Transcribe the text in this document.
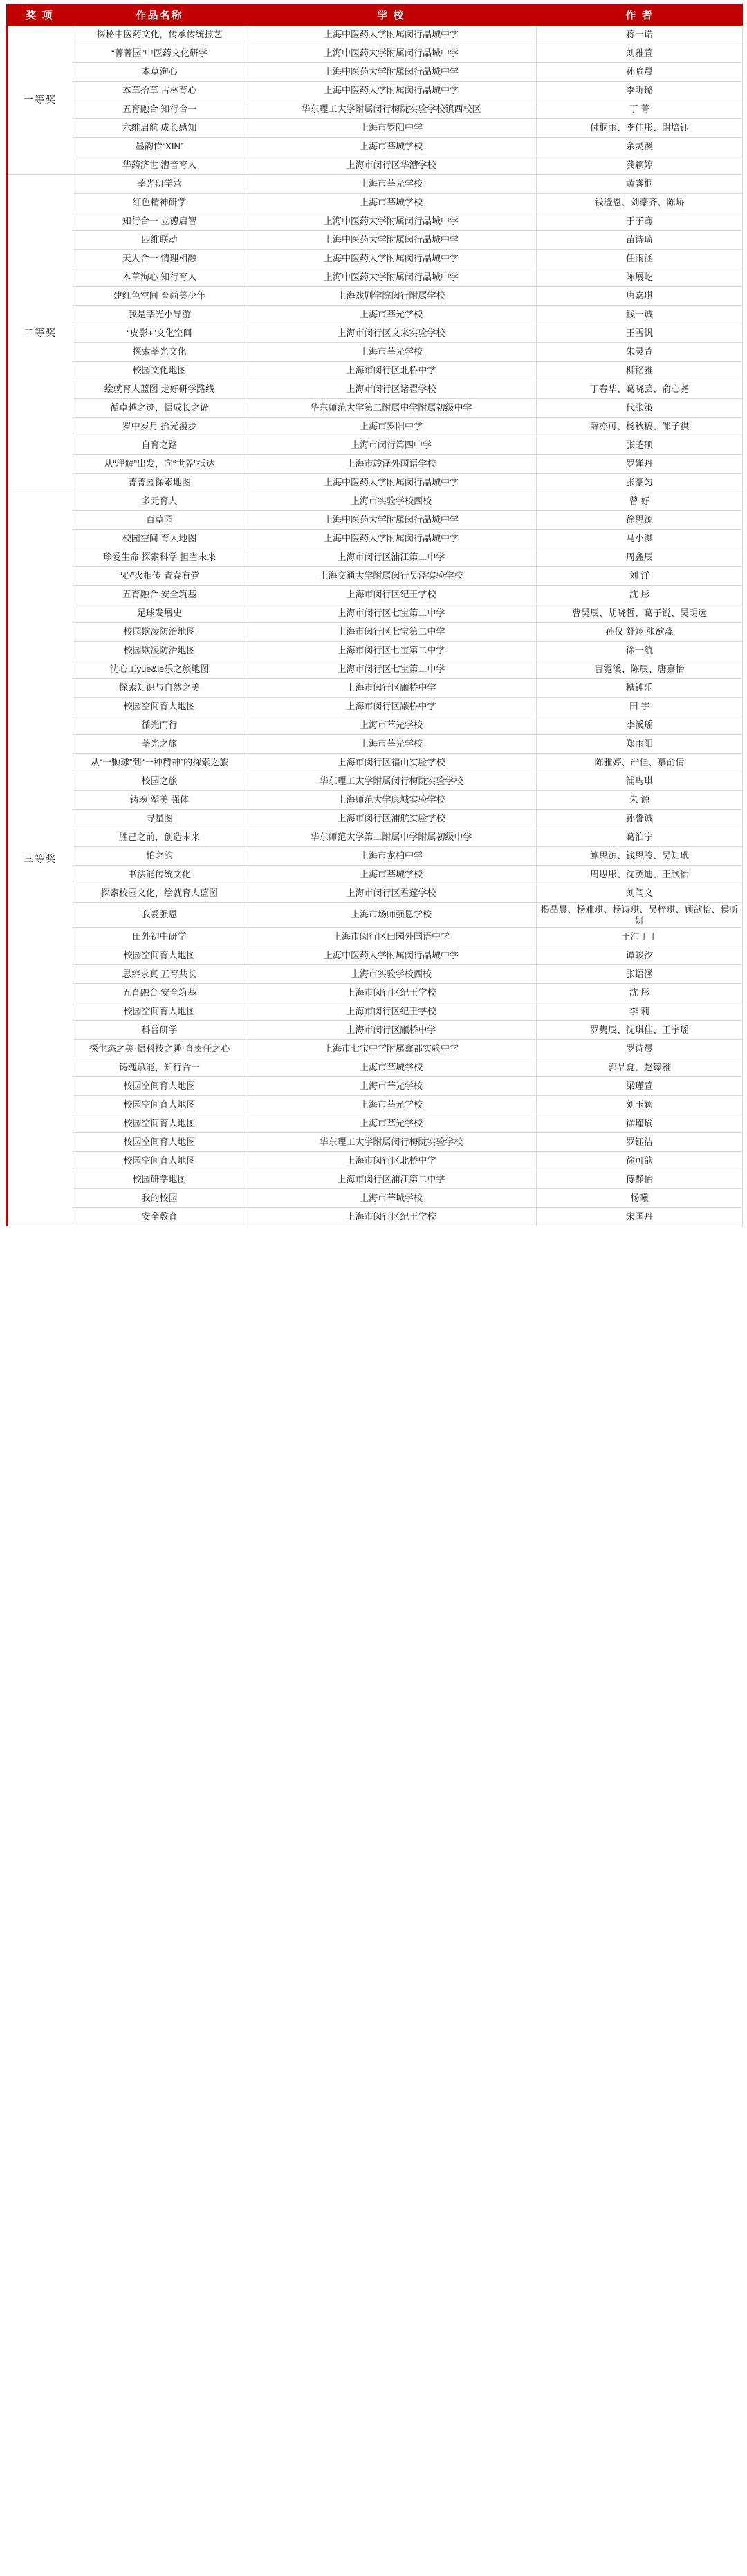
奖 项	作品名称	学 校	作 者
一等奖	探秘中医药文化，传承传统技艺	上海中医药大学附属闵行晶城中学	蒋一诺
	“菁菁园”中医药文化研学	上海中医药大学附属闵行晶城中学	刘雅萱
	本草洵心	上海中医药大学附属闵行晶城中学	孙喻晨
	本草拾草 古林育心	上海中医药大学附属闵行晶城中学	李昕璐
	五育融合 知行合一	华东理工大学附属闵行梅陇实验学校镇西校区	丁 菁
	六维启航 成长感知	上海市罗阳中学	付桐雨、李佳彤、尉培钰
	墨韵传“XIN”	上海市莘城学校	余灵溪
	华药济世 漕音育人	上海市闵行区华漕学校	龚颖婷
二等奖	莘光研学营	上海市莘光学校	黄睿桐
	红色精神研学	上海市莘城学校	钱澄恩、刘豪齐、陈峤
	知行合一 立德启智	上海中医药大学附属闵行晶城中学	于子骞
	四维联动	上海中医药大学附属闵行晶城中学	苗诗琦
	天人合一 情理相融	上海中医药大学附属闵行晶城中学	任雨涵
	本草洵心 知行育人	上海中医药大学附属闵行晶城中学	陈展屹
	建红色空间 育尚美少年	上海戏剧学院闵行附属学校	唐嘉琪
	我是莘光小导游	上海市莘光学校	钱一诚
	“皮影+”文化空间	上海市闵行区文来实验学校	王雪帆
	探索莘光文化	上海市莘光学校	朱灵萱
	校园文化地图	上海市闵行区北桥中学	柳铭雅
	绘就育人蓝图 走好研学路线	上海市闵行区诸翟学校	丁春华、葛晓芸、俞心尧
	循卓越之迹，悟成长之谛	华东师范大学第二附属中学附属初级中学	代张策
	罗中岁月 拾光漫步	上海市罗阳中学	薛亦可、杨秋稿、邹子祺
	自育之路	上海市闵行第四中学	张芝硕
	从“理解”出发，向“世界”抵达	上海市竣泽外国语学校	罗婵丹
	菁菁园探索地图	上海中医药大学附属闵行晶城中学	张豪匀
三等奖	多元育人	上海市实验学校西校	曾 好
	百草园	上海中医药大学附属闵行晶城中学	徐思源
	校园空间 育人地图	上海中医药大学附属闵行晶城中学	马小淇
	珍爱生命 探索科学 担当未来	上海市闵行区浦江第二中学	周鑫辰
	“心”火相传 青春有党	上海交通大学附属闵行吴泾实验学校	刘 洋
	五育融合 安全筑基	上海市闵行区纪王学校	沈 彤
	足球发展史	上海市闵行区七宝第二中学	曹昊辰、胡晓哲、葛子锐、吴明远
	校园欺凌防治地图	上海市闵行区七宝第二中学	孙仪 舒翊 张歆淼
	校园欺凌防治地图	上海市闵行区七宝第二中学	徐一航
	沈心工yue&le乐之旅地图	上海市闵行区七宝第二中学	曹霓溪、陈辰、唐嘉怡
	探索知识与自然之美	上海市闵行区颛桥中学	糟钟乐
	校园空间育人地图	上海市闵行区颛桥中学	田 宇
	循光而行	上海市莘光学校	李溪瑶
	莘光之旅	上海市莘光学校	郑雨阳
	从“一颗球”到“一种精神”的探索之旅	上海市闵行区福山实验学校	陈雅婷、严佳、慕俞倩
	校园之旅	华东理工大学附属闵行梅陇实验学校	浦玙琪
	铸魂 塑美 强体	上海师范大学康城实验学校	朱 源
	寻星图	上海市闵行区浦航实验学校	孙誉诚
	胜己之前，创造未来	华东师范大学第二附属中学附属初级中学	葛泊宁
	柏之韵	上海市龙柏中学	鲍思源、钱思骏、吴知玳
	书法能传统文化	上海市莘城学校	周思彤、沈英迪、王欣怡
	探索校园文化，绘就育人蓝图	上海市闵行区君莲学校	刘闫文
	我爱强恩	上海市场师强恩学校	揭晶晨、杨雅琪、杨诗琪、吴梓琪、顾歆怡、侯昕妍
	田外初中研学	上海市闵行区田园外国语中学	王沛丁丁
	校园空间育人地图	上海中医药大学附属闵行晶城中学	谭竣汐
	思辨求真 五育共长	上海市实验学校西校	张语涵
	五育融合 安全筑基	上海市闵行区纪王学校	沈 彤
	校园空间育人地图	上海市闵行区纪王学校	李 莉
	科普研学	上海市闵行区颛桥中学	罗隽辰、沈琪佳、王宇瑶
	探生态之美·悟科技之趣·育贵任之心	上海市七宝中学附属鑫都实验中学	罗诗晨
	铸魂赋能，知行合一	上海市莘城学校	郭品夏、赵臻雅
	校园空间育人地图	上海市莘光学校	梁瑾萱
	校园空间育人地图	上海市莘光学校	刘玉颖
	校园空间育人地图	上海市莘光学校	徐瑾瑜
	校园空间育人地图	华东理工大学附属闵行梅陇实验学校	罗钰洁
	校园空间育人地图	上海市闵行区北桥中学	徐可歆
	校园研学地图	上海市闵行区浦江第二中学	傅静怡
	我的校园	上海市莘城学校	杨曦
	安全教育	上海市闵行区纪王学校	宋国丹
